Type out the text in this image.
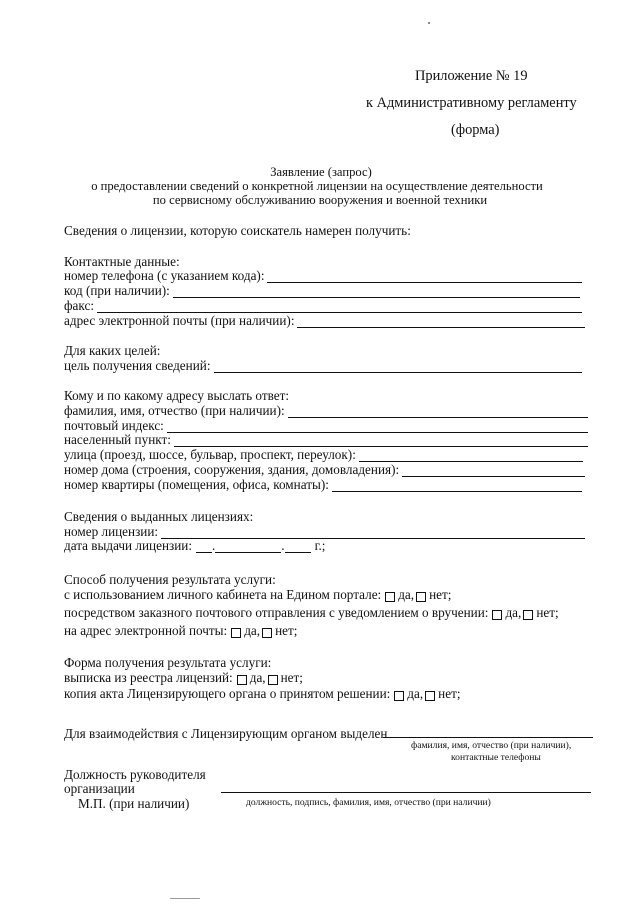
Приложение № 19
к Административному регламенту
(форма)
Заявление (запрос)
о предоставлении сведений о конкретной лицензии на осуществление деятельности
по сервисному обслуживанию вооружения и военной техники
Сведения о лицензии, которую соискатель намерен получить:
Контактные данные:
номер телефона (с указанием кода):
код (при наличии):
факс:
адрес электронной почты (при наличии):
Для каких целей:
цель получения сведений:
Кому и по какому адресу выслать ответ:
фамилия, имя, отчество (при наличии):
почтовый индекс:
населенный пункт:
улица (проезд, шоссе, бульвар, проспект, переулок):
номер дома (строения, сооружения, здания, домовладения):
номер квартиры (помещения, офиса, комнаты):
Сведения о выданных лицензиях:
номер лицензии:
дата выдачи лицензии: .	. г.;
Способ получения результата услуги:
с использованием личного кабинета на Едином портале: да, нет;
посредством заказного почтового отправления с уведомлением о вручении: да, нет;
на адрес электронной почты: да, нет;
Форма получения результата услуги:
выписка из реестра лицензий: да, нет;
копия акта Лицензирующего органа о принятом решении: да, нет;
Для взаимодействия с Лицензирующим органом выделен
фамилия, имя, отчество (при наличии),
контактные телефоны
Должность руководителя
организации
М.П. (при наличии)	должность, подпись, фамилия, имя, отчество (при наличии)
